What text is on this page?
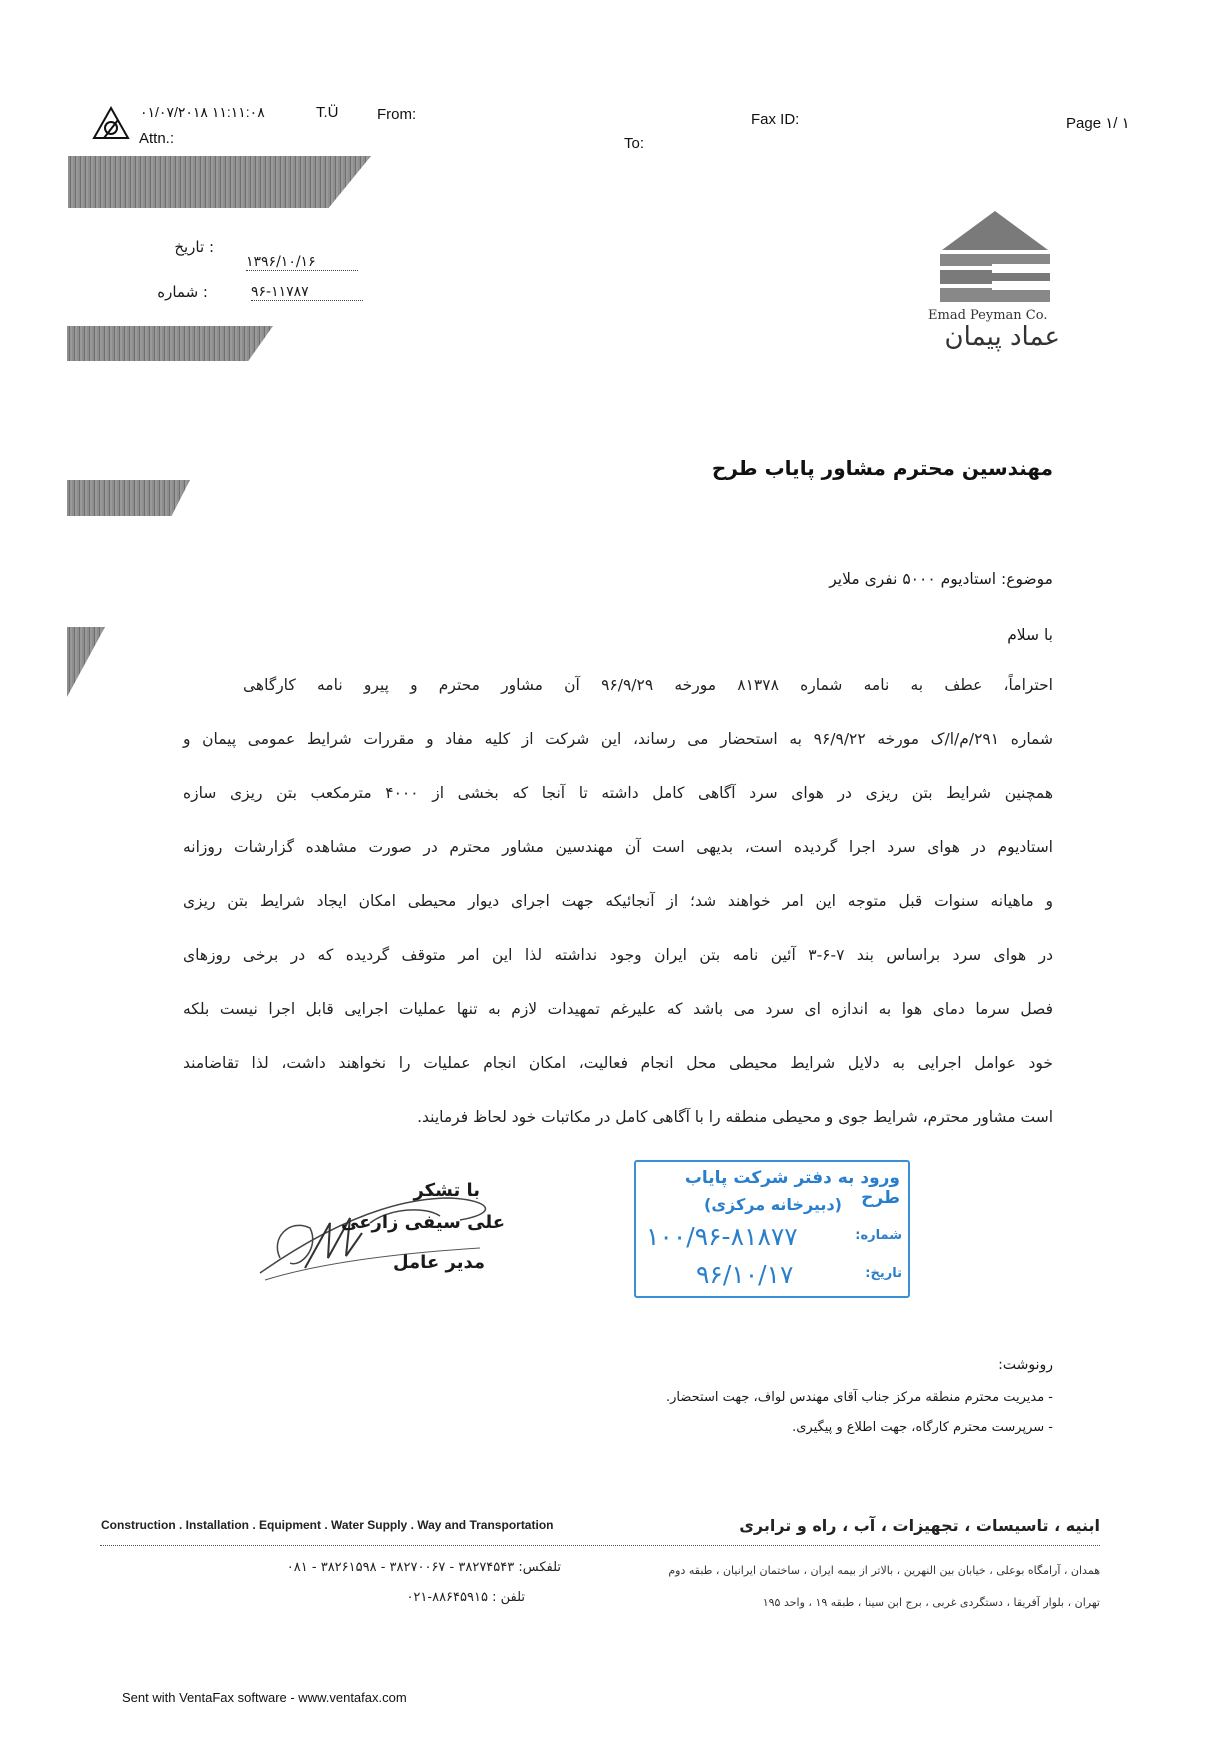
۰۱/۰۷/۲۰۱۸ ۱۱:۱۱:۰۸	T.Ü	From:
Attn.:	To:
Fax ID:	Page ۱/ ۱
: تاریخ
۱۳۹۶/۱۰/۱۶
: شماره	۹۶-۱۱۷۸۷
Emad Peyman Co.
عماد پیمان
مهندسین محترم مشاور پایاب طرح
موضوع: استادیوم ۵۰۰۰ نفری ملایر
با سلام
احتراماً، عطف به نامه شماره ۸۱۳۷۸ مورخه ۹۶/۹/۲۹ آن مشاور محترم و پیرو نامه کارگاهی
شماره ۲۹۱/م/ا/ک مورخه ۹۶/۹/۲۲ به استحضار می رساند، این شرکت از کلیه مفاد و مقررات شرایط عمومی پیمان و
همچنین شرایط بتن ریزی در هوای سرد آگاهی کامل داشته تا آنجا که بخشی از ۴۰۰۰ مترمکعب بتن ریزی سازه
استادیوم در هوای سرد اجرا گردیده است، بدیهی است آن مهندسین مشاور محترم در صورت مشاهده گزارشات روزانه
و ماهیانه سنوات قبل متوجه این امر خواهند شد؛ از آنجائیکه جهت اجرای دیوار محیطی امکان ایجاد شرایط بتن ریزی
در هوای سرد براساس بند ۷-۶-۳ آئین نامه بتن ایران وجود نداشته لذا این امر متوقف گردیده که در برخی روزهای
فصل سرما دمای هوا به اندازه ای سرد می باشد که علیرغم تمهیدات لازم به تنها عملیات اجرایی قابل اجرا نیست بلکه
خود عوامل اجرایی به دلایل شرایط محیطی محل انجام فعالیت، امکان انجام عملیات را نخواهند داشت، لذا تقاضامند
است مشاور محترم، شرایط جوی و محیطی منطقه را با آگاهی کامل در مکاتبات خود لحاظ فرمایند.
با تشکر
علی سیفی زارعی
مدیر عامل
ورود به دفتر شرکت پایاب طرح
(دبیرخانه مرکزی)
شماره:
۱۰۰/۹۶-۸۱۸۷۷
تاریخ:
۹۶/۱۰/۱۷
رونوشت:
- مدیریت محترم منطقه مرکز جناب آقای مهندس لواف، جهت استحضار.
- سرپرست محترم کارگاه، جهت اطلاع و پیگیری.
Construction . Installation . Equipment . Water Supply . Way and Transportation	ابنیه ، تاسیسات ، تجهیزات ، آب ، راه و ترابری
همدان ، آرامگاه بوعلی ، خیابان بین النهرین ، بالاتر از بیمه ایران ، ساختمان ایرانیان ، طبقه دوم
تلفکس: ۳۸۲۷۴۵۴۳ - ۳۸۲۷۰۰۶۷ - ۳۸۲۶۱۵۹۸ - ۰۸۱
تهران ، بلوار آفریقا ، دستگردی غربی ، برج ابن سینا ، طبقه ۱۹ ، واحد ۱۹۵
تلفن : ۸۸۶۴۵۹۱۵-۰۲۱
Sent with VentaFax software - www.ventafax.com
